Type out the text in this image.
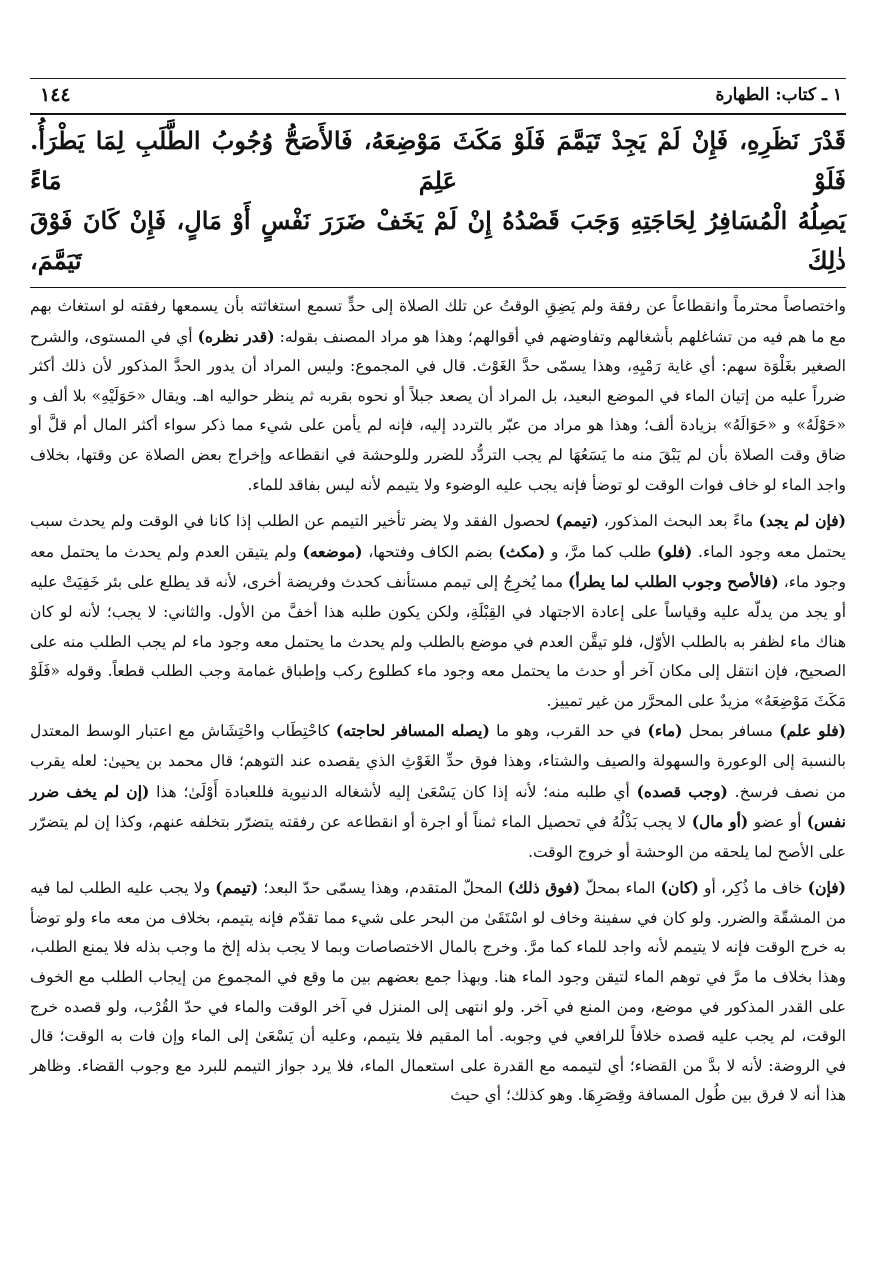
١ ـ كتاب: الطهارة
١٤٤
قَدْرَ نَظَرِهِ، فَإِنْ لَمْ يَجِدْ تَيَمَّمَ فَلَوْ مَكَثَ مَوْضِعَهُ، فَالأَصَحُّ وُجُوبُ الطَّلَبِ لِمَا يَطْرَأُ. فَلَوْ عَلِمَ مَاءً
يَصِلُهُ الْمُسَافِرُ لِحَاجَتِهِ وَجَبَ قَصْدُهُ إِنْ لَمْ يَخَفْ ضَرَرَ نَفْسٍ أَوْ مَالٍ، فَإِنْ كَانَ فَوْقَ ذٰلِكَ تَيَمَّمَ،

واختصاصاً محترماً وانقطاعاً عن رفقة ولم يَضِقِ الوقتُ عن تلك الصلاة إلى حدٍّ تسمع استغاثته بأن يسمعها رفقته لو استغاث بهم مع ما هم فيه من تشاغلهم بأشغالهم وتفاوضهم في أقوالهم؛ وهذا هو مراد المصنف بقوله: (قدر نظره) أي في المستوى، والشرح الصغير بغَلْوَة سهم: أي غاية رَمْيِهِ، وهذا يسمّى حدَّ الغَوْث. قال في المجموع: وليس المراد أن يدور الحدَّ المذكور لأن ذلك أكثر ضرراً عليه من إتيان الماء في الموضع البعيد، بل المراد أن يصعد جبلاً أو نحوه بقربه ثم ينظر حواليه اهـ. ويقال «حَوَلَيْهِ» بلا ألف و «حَوْلَهُ» و «حَوَالَهُ» بزيادة ألف؛ وهذا هو مراد من عبّر بالتردد إليه، فإنه لم يأمن على شيء مما ذكر سواء أكثر المال أم قلَّ أو ضاق وقت الصلاة بأن لم يَبْقَ منه ما يَسَعُهَا لم يجب التردُّد للضرر وللوحشة في انقطاعه وإخراج بعض الصلاة عن وقتها، بخلاف واجد الماء لو خاف فوات الوقت لو توضأ فإنه يجب عليه الوضوء ولا يتيمم لأنه ليس بفاقد للماء.

(فإن لم يجد) ماءً بعد البحث المذكور، (تيمم) لحصول الفقد ولا يضر تأخير التيمم عن الطلب إذا كانا في الوقت ولم يحدث سبب يحتمل معه وجود الماء. (فلو) طلب كما مرَّ، و (مكث) بضم الكاف وفتحها، (موضعه) ولم يتيقن العدم ولم يحدث ما يحتمل معه وجود ماء، (فالأصح وجوب الطلب لما يطرأ) مما يُخرِجُ إلى تيمم مستأنف كحدث وفريضة أخرى، لأنه قد يطلع على بئر خَفِيَتْ عليه أو يجد من يدلّه عليه وقياساً على إعادة الاجتهاد في القِبْلَةِ، ولكن يكون طلبه هذا أخفَّ من الأول. والثاني: لا يجب؛ لأنه لو كان هناك ماء لظفر به بالطلب الأوّل، فلو تيقَّن العدم في موضع بالطلب ولم يحدث ما يحتمل معه وجود ماء لم يجب الطلب منه على الصحيح، فإن انتقل إلى مكان آخر أو حدث ما يحتمل معه وجود ماء كطلوع ركب وإطباق غمامة وجب الطلب قطعاً. وقوله «فَلَوْ مَكَثَ مَوْضِعَهُ» مزيدٌ على المحرَّر من غير تمييز.

(فلو علم) مسافر بمحل (ماء) في حد القرب، وهو ما (يصله المسافر لحاجته) كاحْتِطَاب واحْتِشَاش مع اعتبار الوسط المعتدل بالنسبة إلى الوعورة والسهولة والصيف والشتاء، وهذا فوق حدِّ الغَوْثِ الذي يقصده عند التوهم؛ قال محمد بن يحيىٰ: لعله يقرب من نصف فرسخ. (وجب قصده) أي طلبه منه؛ لأنه إذا كان يَسْعَىٰ إليه لأشغاله الدنيوية فللعبادة أَوْلَىٰ؛ هذا (إن لم يخف ضرر نفس) أو عضو (أو مال) لا يجب بَذْلُهُ في تحصيل الماء ثمناً أو اجرة أو انقطاعه عن رفقته يتضرّر بتخلفه عنهم، وكذا إن لم يتضرّر على الأصح لما يلحقه من الوحشة أو خروج الوقت.

(فإن) خاف ما ذُكِر، أو (كان) الماء بمحلّ (فوق ذلك) المحلّ المتقدم، وهذا يسمّى حدّ البعد؛ (تيمم) ولا يجب عليه الطلب لما فيه من المشقّة والضرر. ولو كان في سفينة وخاف لو اسْتَقَىٰ من البحر على شيء مما تقدّم فإنه يتيمم، بخلاف من معه ماء ولو توضأ به خرج الوقت فإنه لا يتيمم لأنه واجد للماء كما مرَّ. وخرج بالمال الاختصاصات وبما لا يجب بذله إلخ ما وجب بذله فلا يمنع الطلب، وهذا بخلاف ما مرَّ في توهم الماء لتيقن وجود الماء هنا. وبهذا جمع بعضهم بين ما وقع في المجموع من إيجاب الطلب مع الخوف على القدر المذكور في موضع، ومن المنع في آخر. ولو انتهى إلى المنزل في آخر الوقت والماء في حدّ القُرْب، ولو قصده خرج الوقت، لم يجب عليه قصده خلافاً للرافعي في وجوبه. أما المقيم فلا يتيمم، وعليه أن يَسْعَىٰ إلى الماء وإن فات به الوقت؛ قال في الروضة: لأنه لا بدَّ من القضاء؛ أي لتيممه مع القدرة على استعمال الماء، فلا يرد جواز التيمم للبرد مع وجوب القضاء. وظاهر هذا أنه لا فرق بين طُول المسافة وقِصَرِهَا. وهو كذلك؛ أي حيث
